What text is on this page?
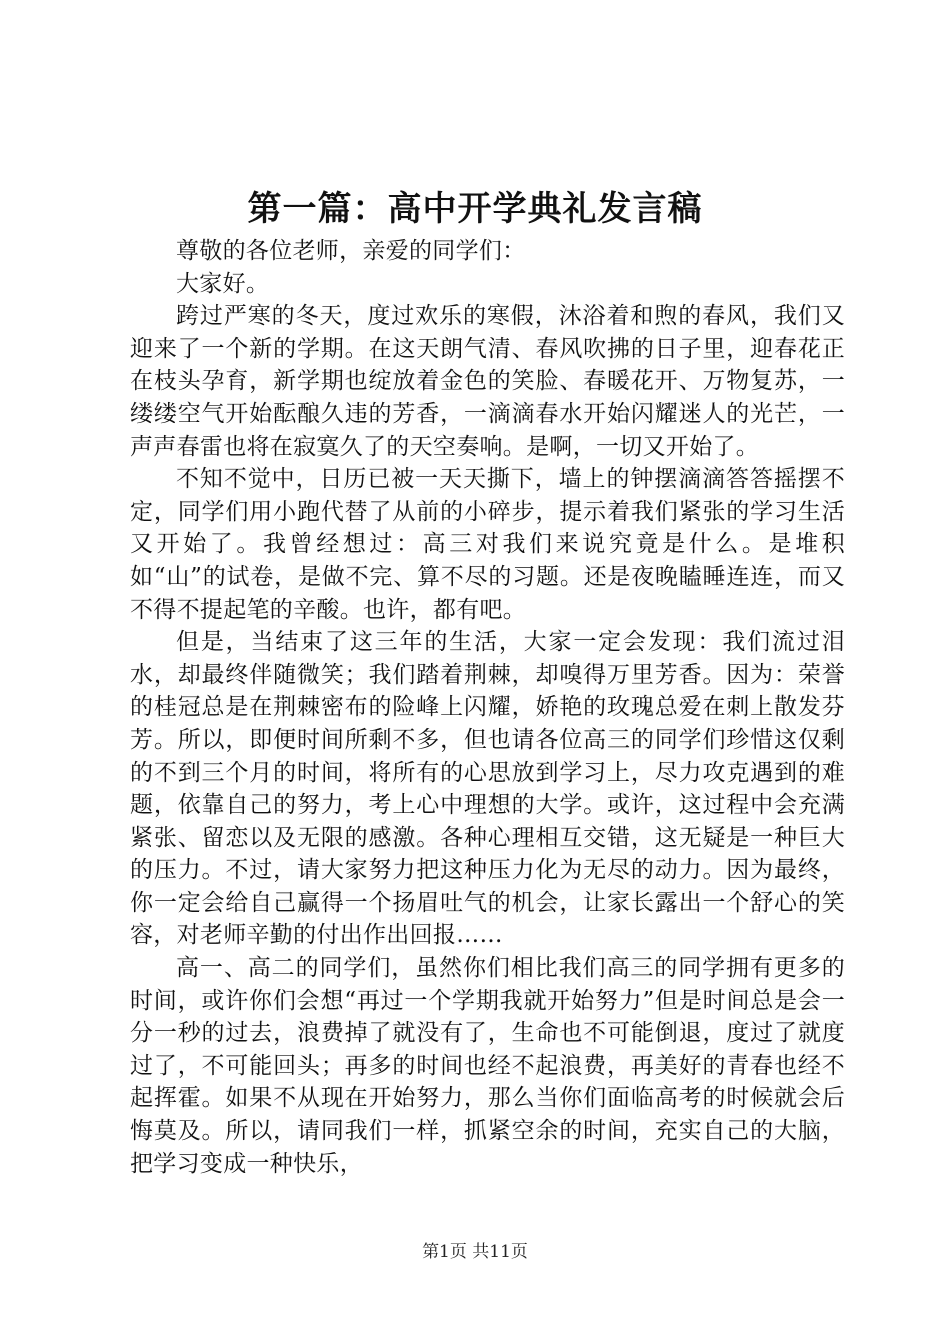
第一篇：高中开学典礼发言稿

尊敬的各位老师，亲爱的同学们：

大家好。

跨过严寒的冬天，度过欢乐的寒假，沐浴着和煦的春风，我们又迎来了一个新的学期。在这天朗气清、春风吹拂的日子里，迎春花正在枝头孕育，新学期也绽放着金色的笑脸、春暖花开、万物复苏，一缕缕空气开始酝酿久违的芳香，一滴滴春水开始闪耀迷人的光芒，一声声春雷也将在寂寞久了的天空奏响。是啊，一切又开始了。

不知不觉中，日历已被一天天撕下，墙上的钟摆滴滴答答摇摆不定，同学们用小跑代替了从前的小碎步，提示着我们紧张的学习生活又开始了。我曾经想过：高三对我们来说究竟是什么。是堆积如“山”的试卷，是做不完、算不尽的习题。还是夜晚瞌睡连连，而又不得不提起笔的辛酸。也许，都有吧。

但是，当结束了这三年的生活，大家一定会发现：我们流过泪水，却最终伴随微笑；我们踏着荆棘，却嗅得万里芳香。因为：荣誉的桂冠总是在荆棘密布的险峰上闪耀，娇艳的玫瑰总爱在刺上散发芬芳。所以，即便时间所剩不多，但也请各位高三的同学们珍惜这仅剩的不到三个月的时间，将所有的心思放到学习上，尽力攻克遇到的难题，依靠自己的努力，考上心中理想的大学。或许，这过程中会充满紧张、留恋以及无限的感激。各种心理相互交错，这无疑是一种巨大的压力。不过，请大家努力把这种压力化为无尽的动力。因为最终，你一定会给自己赢得一个扬眉吐气的机会，让家长露出一个舒心的笑容，对老师辛勤的付出作出回报……

高一、高二的同学们，虽然你们相比我们高三的同学拥有更多的时间，或许你们会想“再过一个学期我就开始努力”但是时间总是会一分一秒的过去，浪费掉了就没有了，生命也不可能倒退，度过了就度过了，不可能回头；再多的时间也经不起浪费，再美好的青春也经不起挥霍。如果不从现在开始努力，那么当你们面临高考的时候就会后悔莫及。所以，请同我们一样，抓紧空余的时间，充实自己的大脑，把学习变成一种快乐，

第1页 共11页
